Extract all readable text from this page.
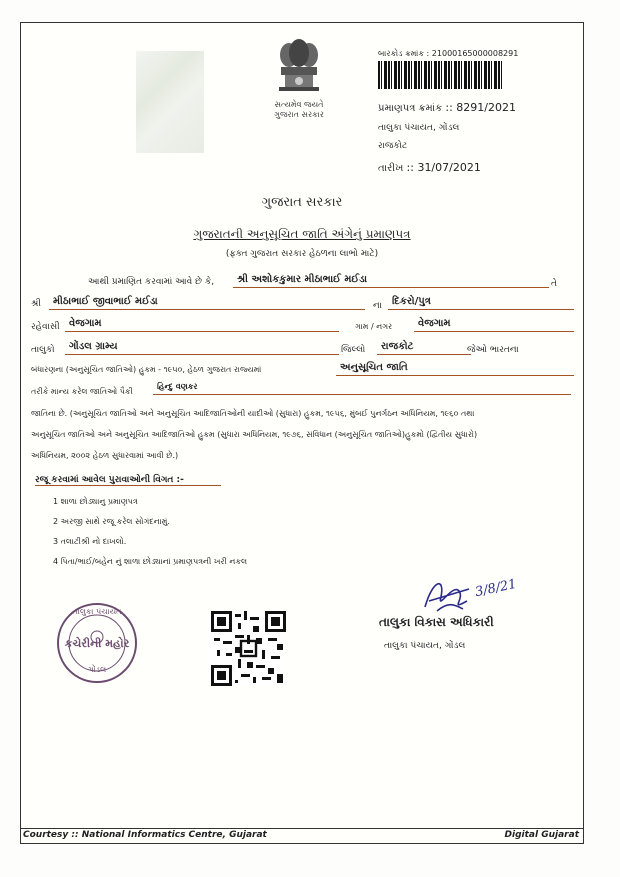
સત્યમેવ જયતે
ગુજરાત સરકાર
બારકોડ ક્રમાંક : 21000165000008291
પ્રમાણપત્ર ક્રમાંક :: 8291/2021
તાલુકા પંચાયત, ગોંડલ
રાજકોટ
તારીખ :: 31/07/2021
ગુજરાત સરકાર
ગુજરાતની અનુસૂચિત જાતિ અંગેનું પ્રમાણપત્ર
(ફક્ત ગુજરાત સરકાર હેઠળના લાભો માટે)
આથી પ્રમાણિત કરવામાં આવે છે કે,	શ્રી અશોકકુમાર મીઠાભાઈ મઈડા	તે
શ્રી	મીઠાભાઈ જીવાભાઈ મઈડા	ના	દિકરો/પુત્ર
રહેવાસી વેજગામ	ગામ / નગર	વેજગામ
તાલુકો	ગોંડલ ગ્રામ્ય	જિલ્લો	રાજકોટ	જેઓ ભારતના
બંધારણના (અનુસૂચિત જાતિઓ) હુકમ - ૧૯૫૦, હેઠળ ગુજરાત રાજ્યમાં	અનુસૂચિત જાતિ
તરીકે માન્ય કરેલ જાતિઓ પૈકી
હિન્દુ વણકર
જાતિના છે. (અનુસૂચિત જાતિઓ અને અનુસૂચિત આદિજાતિઓની યાદીઓ (સુધારા) હુકમ, ૧૯૫૬, મુંબઈ પુનર્ગઠન અધિનિયમ, ૧૯૬૦ તથા
અનુસૂચિત જાતિઓ અને અનુસૂચિત આદિજાતિઓ હુકમ (સુધારા અધિનિયમ, ૧૯૭૬, સંવિધાન (અનુસૂચિત જાતિઓ)હુકમો (દ્વિતીય સુધારો)
અધિનિયમ, ૨૦૦૨ હેઠળ સુધારવામાં આવી છે.)
રજૂ કરવામાં આવેલ પુરાવાઓની વિગત :-
1 શાળા છોડ્યાનુ પ્રમાણપત્ર
2 અરજી સાથે રજૂ કરેલ સોગંદનામું.
3 તલાટીશ્રી નો દાખલો.
4 પિતા/ભાઈ/બહેન નું શાળા છોડ્યાનાં પ્રમાણપત્રની ખરી નકલ
તાલુકા પંચાયત
કચેરીની મહોર
ગોંડલ
3/8/21
તાલુકા વિકાસ અધિકારી
તાલુકા પંચાયત, ગોંડલ
Courtesy :: National Informatics Centre, Gujarat	Digital Gujarat
